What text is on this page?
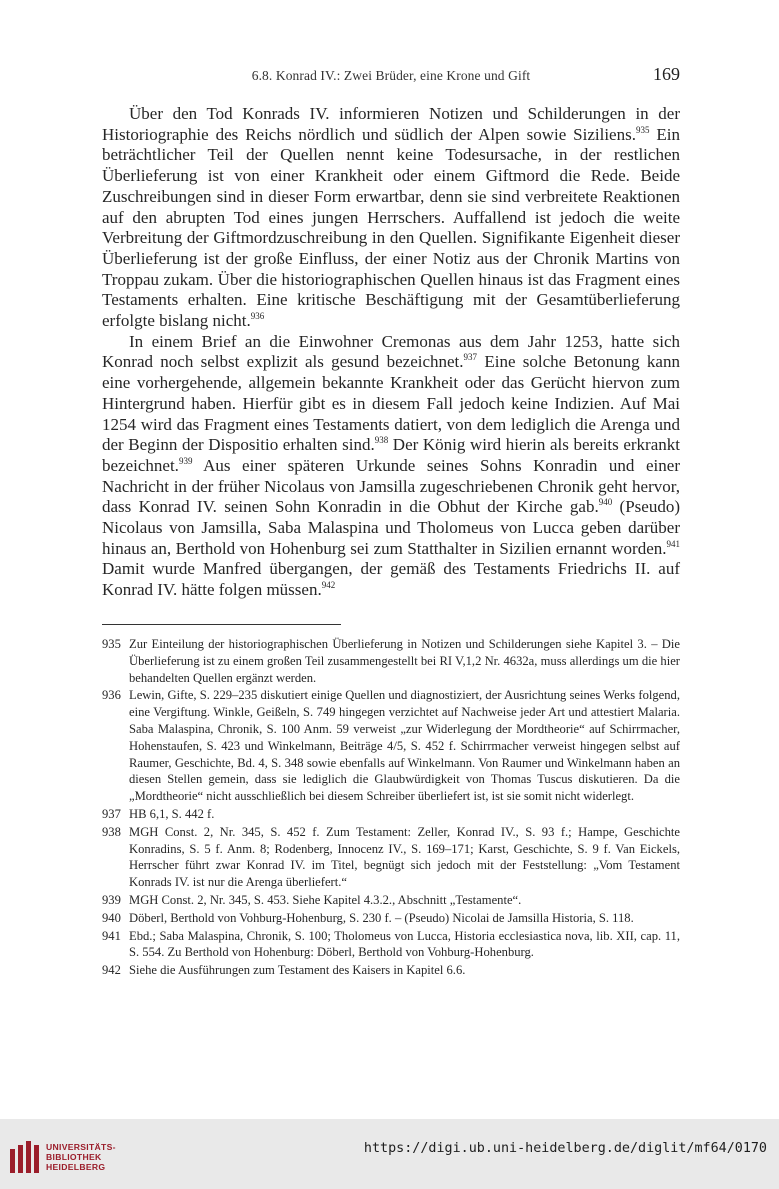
6.8. Konrad IV.: Zwei Brüder, eine Krone und Gift	169

Über den Tod Konrads IV. informieren Notizen und Schilderungen in der Historiographie des Reichs nördlich und südlich der Alpen sowie Siziliens.$^{935}$ Ein beträchtlicher Teil der Quellen nennt keine Todesursache, in der restlichen Überlieferung ist von einer Krankheit oder einem Giftmord die Rede. Beide Zuschreibungen sind in dieser Form erwartbar, denn sie sind verbreitete Reaktionen auf den abrupten Tod eines jungen Herrschers. Auffallend ist jedoch die weite Verbreitung der Giftmordzuschreibung in den Quellen. Signifikante Eigenheit dieser Überlieferung ist der große Einfluss, der einer Notiz aus der Chronik Martins von Troppau zukam. Über die historiographischen Quellen hinaus ist das Fragment eines Testaments erhalten. Eine kritische Beschäftigung mit der Gesamtüberlieferung erfolgte bislang nicht.$^{936}$

In einem Brief an die Einwohner Cremonas aus dem Jahr 1253, hatte sich Konrad noch selbst explizit als gesund bezeichnet.$^{937}$ Eine solche Betonung kann eine vorhergehende, allgemein bekannte Krankheit oder das Gerücht hiervon zum Hintergrund haben. Hierfür gibt es in diesem Fall jedoch keine Indizien. Auf Mai 1254 wird das Fragment eines Testaments datiert, von dem lediglich die Arenga und der Beginn der Dispositio erhalten sind.$^{938}$ Der König wird hierin als bereits erkrankt bezeichnet.$^{939}$ Aus einer späteren Urkunde seines Sohns Konradin und einer Nachricht in der früher Nicolaus von Jamsilla zugeschriebenen Chronik geht hervor, dass Konrad IV. seinen Sohn Konradin in die Obhut der Kirche gab.$^{940}$ (Pseudo) Nicolaus von Jamsilla, Saba Malaspina und Tholomeus von Lucca geben darüber hinaus an, Berthold von Hohenburg sei zum Statthalter in Sizilien ernannt worden.$^{941}$ Damit wurde Manfred übergangen, der gemäß des Testaments Friedrichs II. auf Konrad IV. hätte folgen müssen.$^{942}$

935 Zur Einteilung der historiographischen Überlieferung in Notizen und Schilderungen siehe Kapitel 3. – Die Überlieferung ist zu einem großen Teil zusammengestellt bei RI V,1,2 Nr. 4632a, muss allerdings um die hier behandelten Quellen ergänzt werden.
936 Lewin, Gifte, S. 229–235 diskutiert einige Quellen und diagnostiziert, der Ausrichtung seines Werks folgend, eine Vergiftung. Winkle, Geißeln, S. 749 hingegen verzichtet auf Nachweise jeder Art und attestiert Malaria. Saba Malaspina, Chronik, S. 100 Anm. 59 verweist „zur Widerlegung der Mordtheorie“ auf Schirrmacher, Hohenstaufen, S. 423 und Winkelmann, Beiträge 4/5, S. 452 f. Schirrmacher verweist hingegen selbst auf Raumer, Geschichte, Bd. 4, S. 348 sowie ebenfalls auf Winkelmann. Von Raumer und Winkelmann haben an diesen Stellen gemein, dass sie lediglich die Glaubwürdigkeit von Thomas Tuscus diskutieren. Da die „Mordtheorie“ nicht ausschließlich bei diesem Schreiber überliefert ist, ist sie somit nicht widerlegt.
937 HB 6,1, S. 442 f.
938 MGH Const. 2, Nr. 345, S. 452 f. Zum Testament: Zeller, Konrad IV., S. 93 f.; Hampe, Geschichte Konradins, S. 5 f. Anm. 8; Rodenberg, Innocenz IV., S. 169–171; Karst, Geschichte, S. 9 f. Van Eickels, Herrscher führt zwar Konrad IV. im Titel, begnügt sich jedoch mit der Feststellung: „Vom Testament Konrads IV. ist nur die Arenga überliefert.“
939 MGH Const. 2, Nr. 345, S. 453. Siehe Kapitel 4.3.2., Abschnitt „Testamente“.
940 Döberl, Berthold von Vohburg-Hohenburg, S. 230 f. – (Pseudo) Nicolai de Jamsilla Historia, S. 118.
941 Ebd.; Saba Malaspina, Chronik, S. 100; Tholomeus von Lucca, Historia ecclesiastica nova, lib. XII, cap. 11, S. 554. Zu Berthold von Hohenburg: Döberl, Berthold von Vohburg-Hohenburg.
942 Siehe die Ausführungen zum Testament des Kaisers in Kapitel 6.6.
UNIVERSITÄTS-
BIBLIOTHEK
HEIDELBERG
https://digi.ub.uni-heidelberg.de/diglit/mf64/0170
